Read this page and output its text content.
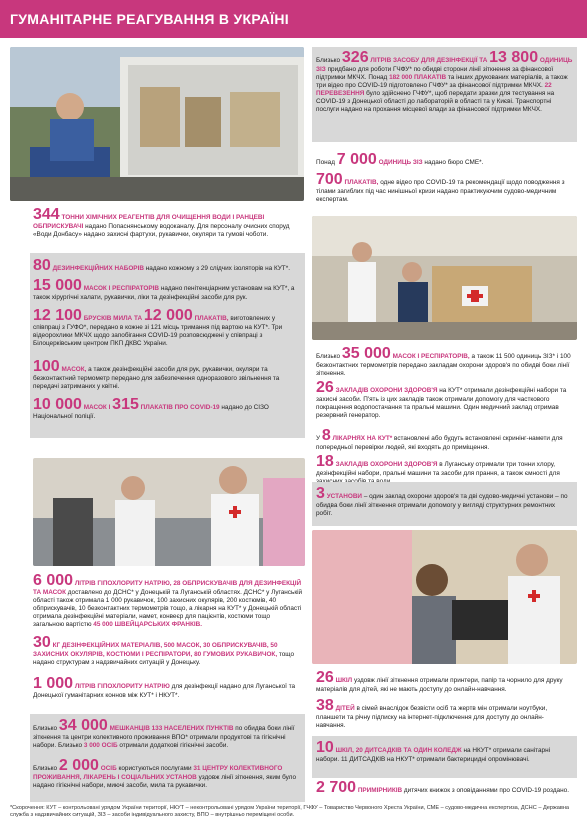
ГУМАНІТАРНЕ РЕАГУВАННЯ В УКРАЇНІ
344 ТОННИ ХІМІЧНИХ РЕАГЕНТІВ ДЛЯ ОЧИЩЕННЯ ВОДИ І РАНЦЕВІ ОБПРИСКУВАЧІ надано Попаснянському водоканалу. Для персоналу очисних споруд «Води Донбасу» надано захисні фартухи, рукавички, окуляри та гумові чоботи.
80 ДЕЗИНФЕКЦІЙНИХ НАБОРІВ надано кожному з 29 слідчих ізоляторів на КУТ*.
15 000 МАСОК І РЕСПІРАТОРІВ надано пенітенціарним установам на КУТ*, а також хірургічні халати, рукавички, ліки та дезінфекційні засоби для рук.
12 100 БРУСКІВ МИЛА ТА 12 000 ПЛАКАТІВ, виготовлених у співпраці з ГУФО*, передано в кожне зі 121 місць тримання під вартою на КУТ*. Три відеорохлики МКЧХ щодо запобігання COVID-19 розповсюджені у співпраці з Білоцерківським центром ПКП ДКВС України.
100 МАСОК, а також дезінфекційні засоби для рук, рукавички, окуляри та безконтактний термометр передано для забезпечення одноразового звільнення та передачі затриманих у квітні.
10 000 МАСОК І 315 ПЛАКАТІВ ПРО COVID-19 надано до СІЗО Національної поліції.
6 000 ЛІТРІВ ГІПОХЛОРИТУ НАТРІЮ, 28 ОБПРИСКУВАЧІВ ДЛЯ ДЕЗИНФЕКЦІЙ ТА МАСОК доставлено до ДСНС* у Донецькій та Луганській областях. ДСНС* у Луганській області також отримала 1 000 рукавичок, 100 захисних окулярів, 200 костюмів, 40 обприскувачів, 10 безконтактних термометрів тощо, а лікарня на КУТ* у Донецькій області отримала дезінфекційні матеріали, намет, конвеєр для пацієнтів, костюми тощо загальною вартістю 45 000 ШВЕЙЦАРСЬКИХ ФРАНКІВ.
30 КГ ДЕЗІНФЕКЦІЙНИХ МАТЕРІАЛІВ, 500 МАСОК, 30 ОБПРИСКУВАЧІВ, 50 ЗАХИСНИХ ОКУЛЯРІВ, КОСТЮМИ І РЕСПІРАТОРИ, 80 ГУМОВИХ РУКАВИЧОК, тощо надано структурам з надзвичайних ситуацій у Донецьку.
1 000 ЛІТРІВ ГІПОХЛОРИТУ НАТРІЮ для дезінфекції надано для Луганської та Донецької гуманітарних коннов між КУТ* і НКУТ*.
Близько 34 000 МЕШКАНЦІВ 133 НАСЕЛЕНИХ ПУНКТІВ по обидва боки лінії зіткнення та центри колективного проживання ВПО* отримали продуктові та гігієнічні набори. Близько 3 000 ОСІБ отримали додаткові гігієнічні засоби.
Близько 2 000 ОСІБ користуються послугами 31 ЦЕНТРУ КОЛЕКТИВНОГО ПРОЖИВАННЯ, ЛІКАРЕНЬ І СОЦІАЛЬНИХ УСТАНОВ уздовж лінії зіткнення, яким було надано гігієнічні набори, миючі засоби, мила та рукавички.
Близько 326 ЛІТРІВ ЗАСОБУ ДЛЯ ДЕЗІНФЕКЦІЇ ТА 13 800 ОДИНИЦЬ ЗІЗ придбано для роботи ГЧФУ* по обидві сторони лінії зіткнення за фінансової підтримки МКЧХ. Понад 182 000 ПЛАКАТІВ та інших друкованих матеріалів, а також три відео про COVID-19 підготовлено ГЧФУ* за фінансової підтримки МКЧХ. 22 ПЕРЕВЕЗЕННЯ було здійснено ГЧФУ*, щоб передати зразки для тестування на COVID-19 з Донецької області до лабораторій в області та у Києві. Транспортні послуги надано на прохання місцевої влади за фінансової підтримки МКЧХ.
Понад 7 000 ОДИНИЦЬ ЗІЗ надано бюро СМЕ*.
700 ПЛАКАТІВ, одне відео про COVID-19 та рекомендації щодо поводження з тілами загиблих під час нинішньої кризи надано практикуючим судово-медичним експертам.
Близько 35 000 МАСОК І РЕСПІРАТОРІВ, а також 11 500 одиниць ЗІЗ* і 100 безконтактних термометрів передано закладам охорони здоров'я по обидві боки лінії зіткнення.
26 ЗАКЛАДІВ ОХОРОНИ ЗДОРОВ'Я на КУТ* отримали дезінфекційні набори та захисні засоби. П'ять із цих закладів також отримали допомогу для часткового покращення водопостачання та пральні машини. Один медичний заклад отримав резервний генератор.
У 8 ЛІКАРНЯХ НА КУТ* встановлені або будуть встановлені скринінг-намети для попередньої перевірки людей, які входять до приміщення.
18 ЗАКЛАДІВ ОХОРОНИ ЗДОРОВ'Я в Луганську отримали три тонни хлору, дезінфекційні набори, пральні машини та засоби для прання, а також ємності для
3 УСТАНОВИ – один заклад охорони здоров'я та дві судово-медичні установи – по обидва боки лінії зіткнення отримали допомогу у вигляді структурних ремонтних робіт.
26 ШКІЛ уздовж лінії зіткнення отримали принтери, папір та чорнило для друку матеріалів для дітей, які не мають доступу до онлайн-навчання.
38 ДІТЕЙ в сімей внаслідок безвісти осіб та жертв мін отримали ноутбуки, планшети та річну підписку на інтернет-підключення для доступу до онлайн-навчання.
10 ШКІЛ, 20 ДИТСАДКІВ ТА ОДИН КОЛЕДЖ на НКУТ* отримали санітарні набори. 11 ДИТСАДКІВ на НКУТ* отримали бактерицидні опромінювачі.
2 700 ПРИМІРНИКІВ дитячих книжок з оповіданнями про COVID-19 роздано.
*Скорочення: КУТ – контрольовані урядом України території, НКУТ – неконтрольовані урядом України території, ГЧФУ – Товариство Червоного Хреста України, СМЕ – судово-медична експертиза, ДСНС – Державна служба з надзвичайних ситуацій, ЗІЗ – засоби індивідуального захисту, ВПО – внутрішньо переміщені особи.
